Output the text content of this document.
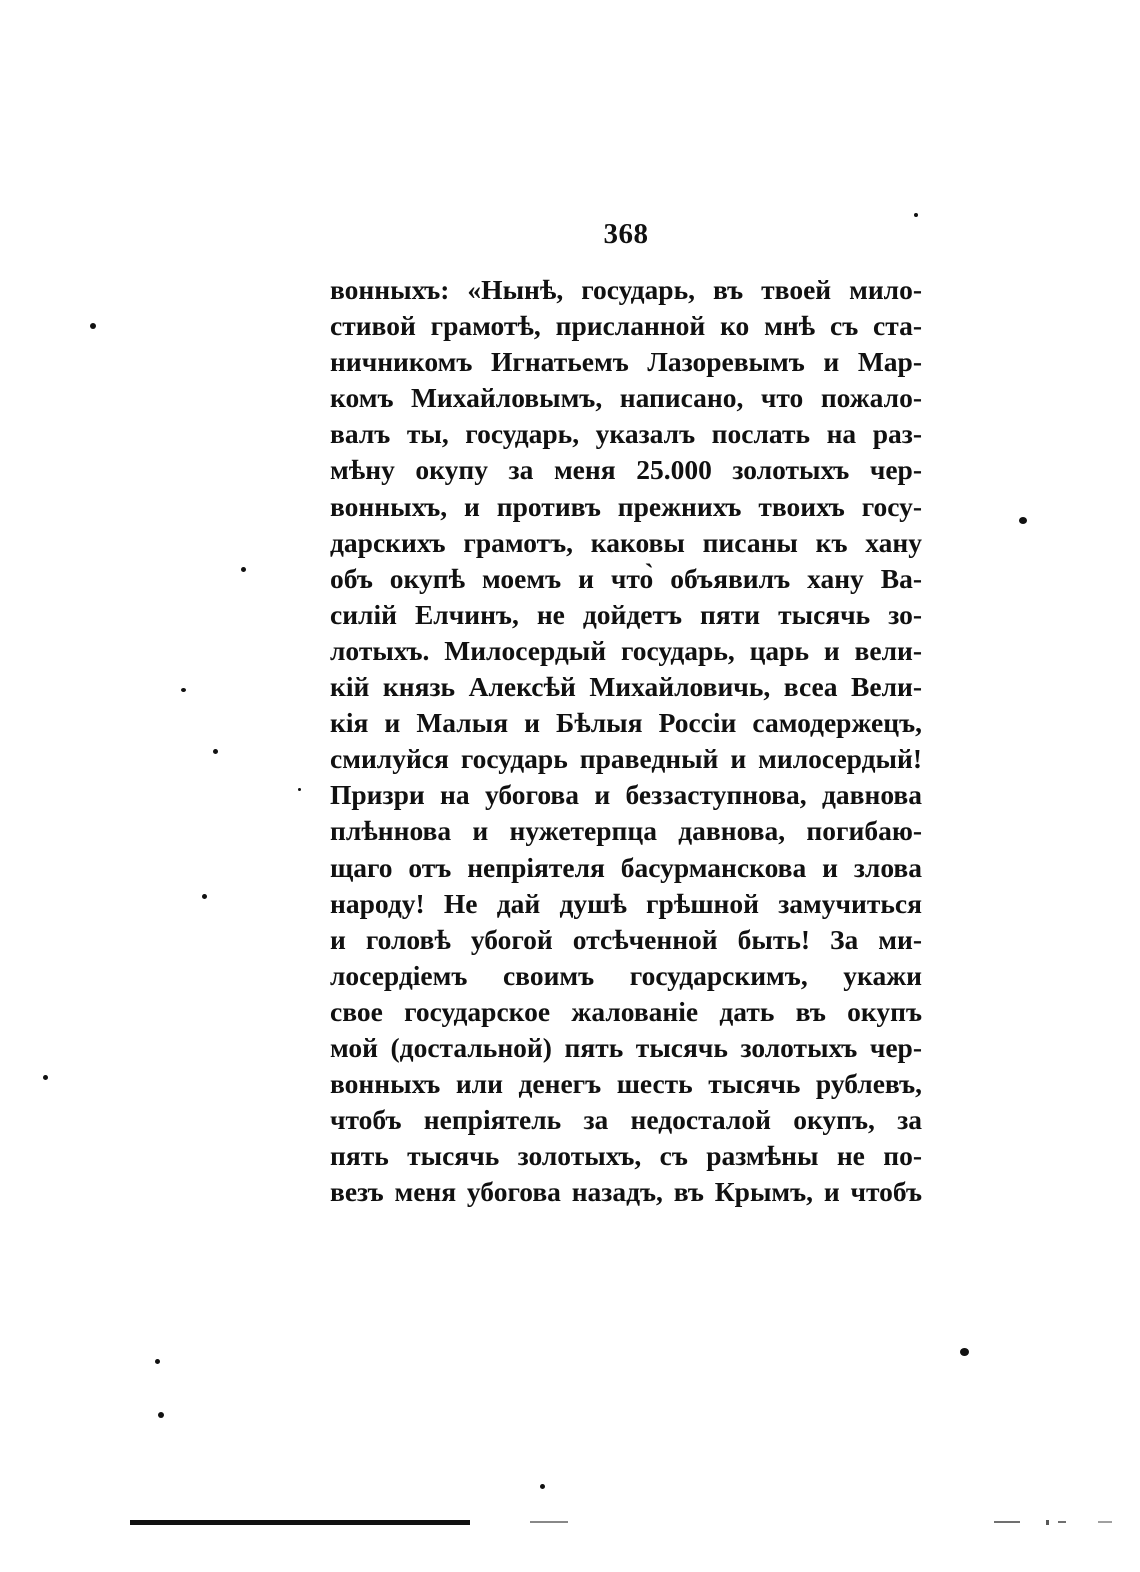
368
вонныхъ: «Нынѣ, государь, въ твоей мило-
стивой грамотѣ, присланной ко мнѣ съ ста-
ничникомъ Игнатьемъ Лазоревымъ и Мар-
комъ Михайловымъ, написано, что пожало-
валъ ты, государь, указалъ послать на раз-
мѣну окупу за меня 25.000 золотыхъ чер-
вонныхъ, и противъ прежнихъ твоихъ госу-
дарскихъ грамотъ, каковы писаны къ хану
объ окупѣ моемъ и что̀ объявилъ хану Ва-
силій Елчинъ, не дойдетъ пяти тысячь зо-
лотыхъ. Милосердый государь, царь и вели-
кій князь Алексѣй Михайловичь, всеа Вели-
кія и Малыя и Бѣлыя Россіи самодержецъ,
смилуйся государь праведный и милосердый!
Призри на убогова и беззаступнова, давнова
плѣннова и нужетерпца давнова, погибаю-
щаго отъ непріятеля басурманскова и злова
народу! Не дай душѣ грѣшной замучиться
и головѣ убогой отсѣченной быть! За ми-
лосердіемъ своимъ государскимъ, укажи
свое государское жалованіе дать въ окупъ
мой (достальной) пять тысячь золотыхъ чер-
вонныхъ или денегъ шесть тысячь рублевъ,
чтобъ непріятель за недосталой окупъ, за
пять тысячь золотыхъ, съ размѣны не по-
везъ меня убогова назадъ, въ Крымъ, и чтобъ
